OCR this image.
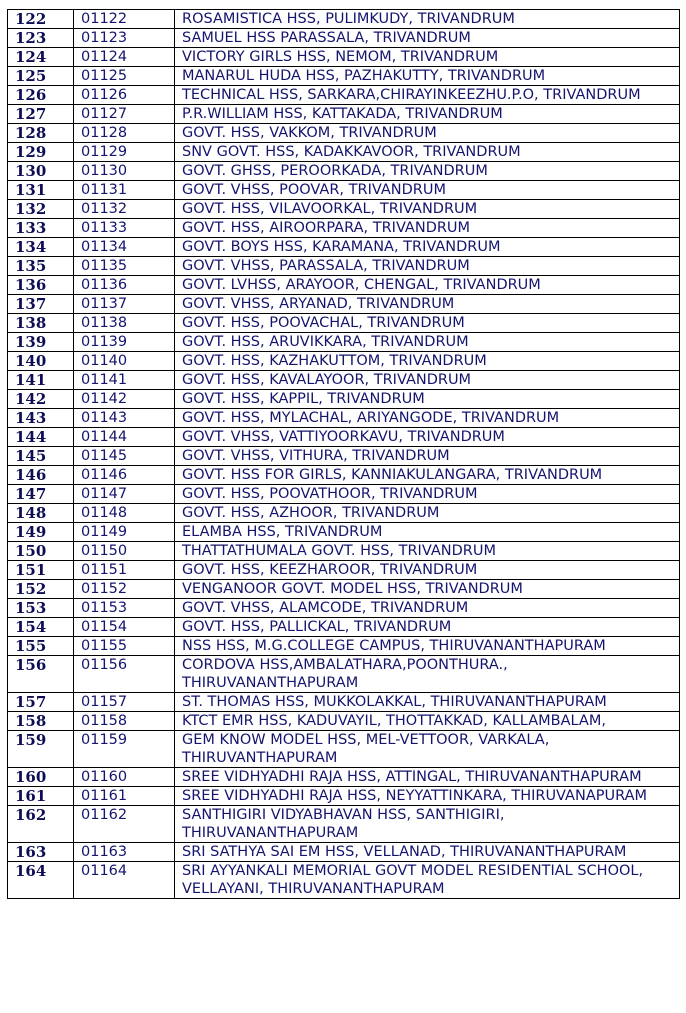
122	01122	ROSAMISTICA HSS, PULIMKUDY, TRIVANDRUM
123	01123	SAMUEL HSS PARASSALA, TRIVANDRUM
124	01124	VICTORY GIRLS HSS, NEMOM, TRIVANDRUM
125	01125	MANARUL HUDA HSS, PAZHAKUTTY, TRIVANDRUM
126	01126	TECHNICAL HSS, SARKARA,CHIRAYINKEEZHU.P.O, TRIVANDRUM
127	01127	P.R.WILLIAM HSS, KATTAKADA, TRIVANDRUM
128	01128	GOVT. HSS, VAKKOM, TRIVANDRUM
129	01129	SNV GOVT. HSS, KADAKKAVOOR, TRIVANDRUM
130	01130	GOVT. GHSS, PEROORKADA, TRIVANDRUM
131	01131	GOVT. VHSS, POOVAR, TRIVANDRUM
132	01132	GOVT. HSS, VILAVOORKAL, TRIVANDRUM
133	01133	GOVT. HSS, AIROORPARA, TRIVANDRUM
134	01134	GOVT. BOYS HSS, KARAMANA, TRIVANDRUM
135	01135	GOVT. VHSS, PARASSALA, TRIVANDRUM
136	01136	GOVT. LVHSS, ARAYOOR, CHENGAL, TRIVANDRUM
137	01137	GOVT. VHSS, ARYANAD, TRIVANDRUM
138	01138	GOVT. HSS, POOVACHAL, TRIVANDRUM
139	01139	GOVT. HSS, ARUVIKKARA, TRIVANDRUM
140	01140	GOVT. HSS, KAZHAKUTTOM, TRIVANDRUM
141	01141	GOVT. HSS, KAVALAYOOR, TRIVANDRUM
142	01142	GOVT. HSS, KAPPIL, TRIVANDRUM
143	01143	GOVT. HSS, MYLACHAL, ARIYANGODE, TRIVANDRUM
144	01144	GOVT. VHSS, VATTIYOORKAVU, TRIVANDRUM
145	01145	GOVT. VHSS, VITHURA, TRIVANDRUM
146	01146	GOVT. HSS FOR GIRLS, KANNIAKULANGARA, TRIVANDRUM
147	01147	GOVT. HSS, POOVATHOOR, TRIVANDRUM
148	01148	GOVT. HSS, AZHOOR, TRIVANDRUM
149	01149	ELAMBA HSS, TRIVANDRUM
150	01150	THATTATHUMALA GOVT. HSS, TRIVANDRUM
151	01151	GOVT. HSS, KEEZHAROOR, TRIVANDRUM
152	01152	VENGANOOR GOVT. MODEL HSS, TRIVANDRUM
153	01153	GOVT. VHSS, ALAMCODE, TRIVANDRUM
154	01154	GOVT. HSS, PALLICKAL, TRIVANDRUM
155	01155	NSS HSS, M.G.COLLEGE CAMPUS, THIRUVANANTHAPURAM
156	01156	CORDOVA HSS,AMBALATHARA,POONTHURA., THIRUVANANTHAPURAM
157	01157	ST. THOMAS HSS, MUKKOLAKKAL, THIRUVANANTHAPURAM
158	01158	KTCT EMR HSS, KADUVAYIL, THOTTAKKAD, KALLAMBALAM,
159	01159	GEM KNOW MODEL HSS, MEL-VETTOOR, VARKALA, THIRUVANTHAPURAM
160	01160	SREE VIDHYADHI RAJA HSS, ATTINGAL, THIRUVANANTHAPURAM
161	01161	SREE VIDHYADHI RAJA HSS, NEYYATTINKARA, THIRUVANAPURAM
162	01162	SANTHIGIRI VIDYABHAVAN HSS, SANTHIGIRI, THIRUVANANTHAPURAM
163	01163	SRI SATHYA SAI EM HSS, VELLANAD, THIRUVANANTHAPURAM
164	01164	SRI AYYANKALI MEMORIAL GOVT MODEL RESIDENTIAL SCHOOL, VELLAYANI, THIRUVANANTHAPURAM
